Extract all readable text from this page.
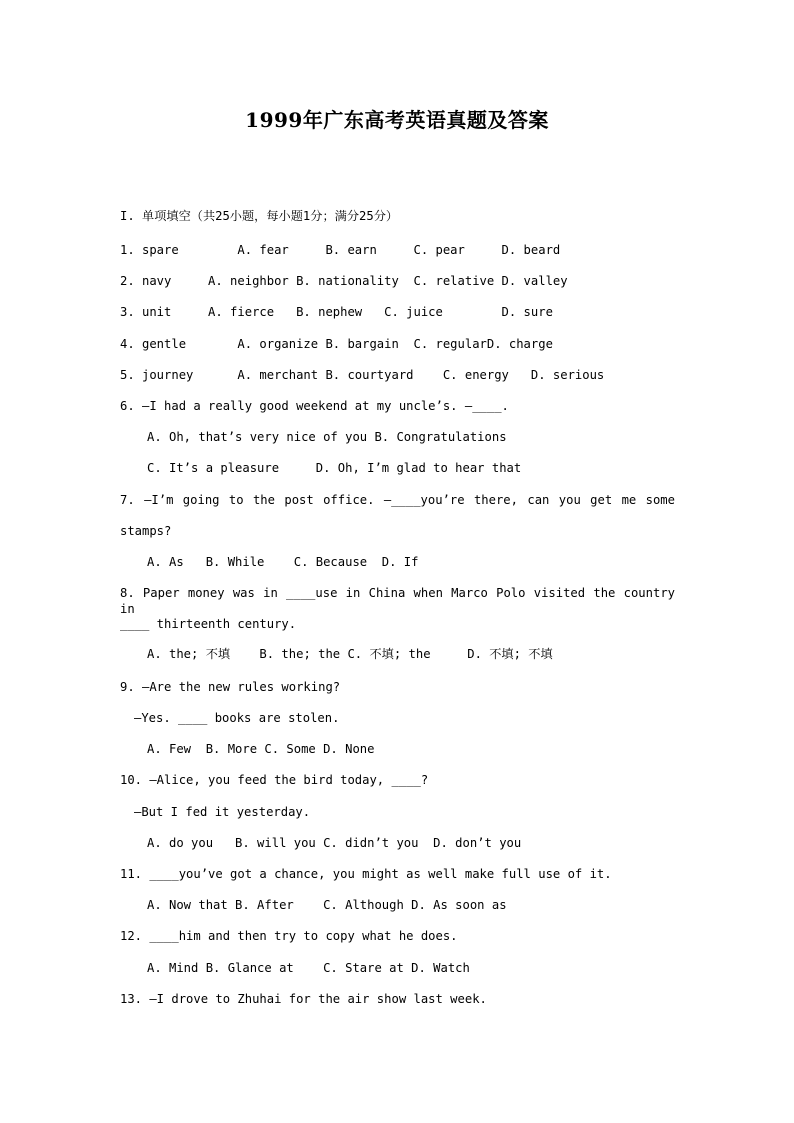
1999年广东高考英语真题及答案
I. 单项填空（共25小题，每小题1分；满分25分）
1. spare        A. fear     B. earn     C. pear     D. beard
2. navy     A. neighbor B. nationality  C. relative D. valley
3. unit     A. fierce   B. nephew   C. juice        D. sure
4. gentle       A. organize B. bargain  C. regularD. charge
5. journey      A. merchant B. courtyard    C. energy   D. serious
6. —I had a really good weekend at my uncle’s. —____.
A. Oh, that’s very nice of you B. Congratulations
C. It’s a pleasure     D. Oh, I’m glad to hear that
7. —I’m going to the post office. —____you’re there, can you get me some
stamps?
A. As   B. While    C. Because  D. If
8. Paper money was in ____use in China when Marco Polo visited the country in
____ thirteenth century.
A. the; 不填    B. the; the C. 不填; the     D. 不填; 不填
9. —Are the new rules working?
—Yes. ____ books are stolen.
A. Few  B. More C. Some D. None
10. —Alice, you feed the bird today, ____?
—But I fed it yesterday.
A. do you   B. will you C. didn’t you  D. don’t you
11. ____you’ve got a chance, you might as well make full use of it.
A. Now that B. After    C. Although D. As soon as
12. ____him and then try to copy what he does.
A. Mind B. Glance at    C. Stare at D. Watch
13. —I drove to Zhuhai for the air show last week.
